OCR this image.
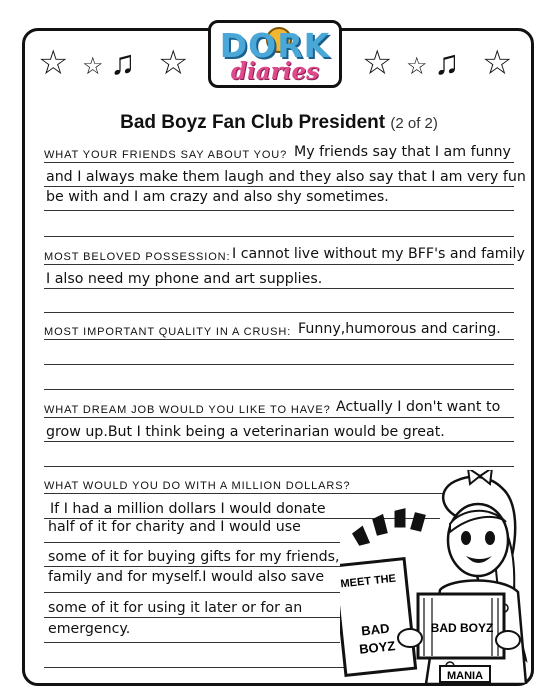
☆ ☆ ♫ ☆	☆ ☆ ♫ ☆
DORK
diaries
Bad Boyz Fan Club President (2 of 2)
WHAT YOUR FRIENDS SAY ABOUT YOU? My friends say that I am funny
and I always make them laugh and they also say that I am very fun
be with and I am crazy and also shy sometimes.
MOST BELOVED POSSESSION: I cannot live without my BFF's and family
I also need my phone and art supplies.
MOST IMPORTANT QUALITY IN A CRUSH: Funny,humorous and caring.
WHAT DREAM JOB WOULD YOU LIKE TO HAVE? Actually I don't want to
grow up.But I think being a veterinarian would be great.
WHAT WOULD YOU DO WITH A MILLION DOLLARS?
If I had a million dollars I would donate
half of it for charity and I would use
some of it for buying gifts for my friends,
family and for myself.I would also save
some of it for using it later or for an
emergency.
MEET THE
BAD
BOYZ
BAD BOYZ
MANIA
